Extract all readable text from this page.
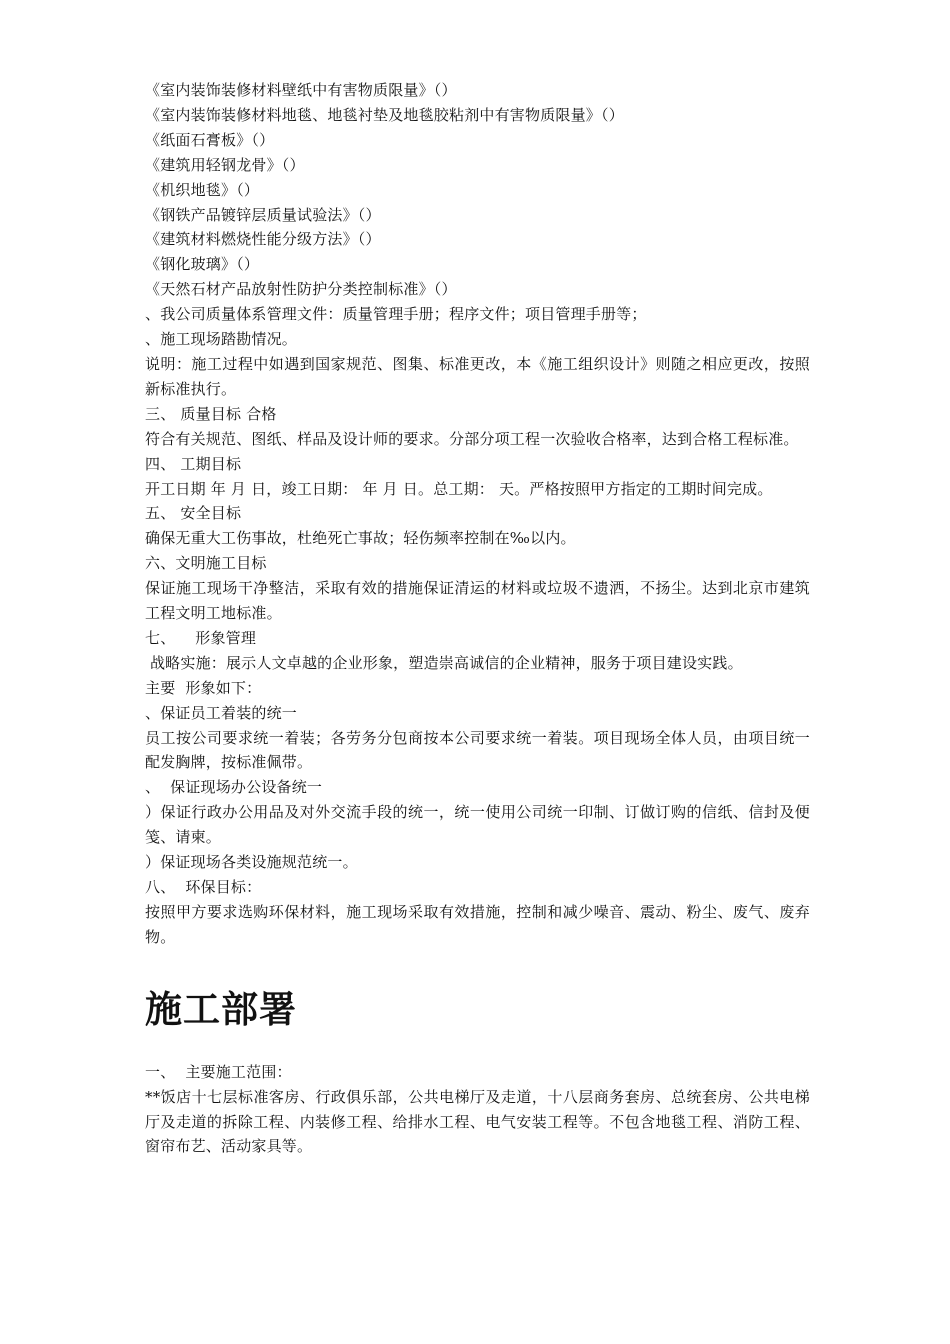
《室内装饰装修材料壁纸中有害物质限量》（）
《室内装饰装修材料地毯、地毯衬垫及地毯胶粘剂中有害物质限量》（）
《纸面石膏板》（）
《建筑用轻钢龙骨》（）
《机织地毯》（）
《钢铁产品镀锌层质量试验法》（）
《建筑材料燃烧性能分级方法》（）
《钢化玻璃》（）
《天然石材产品放射性防护分类控制标准》（）
、我公司质量体系管理文件：质量管理手册；程序文件；项目管理手册等；
、施工现场踏勘情况。
说明：施工过程中如遇到国家规范、图集、标准更改，本《施工组织设计》则随之相应更改，按照新标准执行。
三、 质量目标 合格
符合有关规范、图纸、样品及设计师的要求。分部分项工程一次验收合格率，达到合格工程标准。
四、 工期目标
开工日期 年 月 日，竣工日期： 年 月 日。总工期： 天。严格按照甲方指定的工期时间完成。
五、 安全目标
确保无重大工伤事故，杜绝死亡事故；轻伤频率控制在‰以内。
六、文明施工目标
保证施工现场干净整洁，采取有效的措施保证清运的材料或垃圾不遗洒，不扬尘。达到北京市建筑工程文明工地标准。
七、    形象管理
战略实施：展示人文卓越的企业形象，塑造崇高诚信的企业精神，服务于项目建设实践。
主要  形象如下：
、保证员工着装的统一
员工按公司要求统一着装；各劳务分包商按本公司要求统一着装。项目现场全体人员，由项目统一配发胸牌，按标准佩带。
、  保证现场办公设备统一
）保证行政办公用品及对外交流手段的统一，统一使用公司统一印制、订做订购的信纸、信封及便笺、请柬。
）保证现场各类设施规范统一。
八、  环保目标：
按照甲方要求选购环保材料，施工现场采取有效措施，控制和减少噪音、震动、粉尘、废气、废弃物。
施工部署
一、  主要施工范围：
**饭店十七层标准客房、行政俱乐部，公共电梯厅及走道，十八层商务套房、总统套房、公共电梯厅及走道的拆除工程、内装修工程、给排水工程、电气安装工程等。不包含地毯工程、消防工程、窗帘布艺、活动家具等。
